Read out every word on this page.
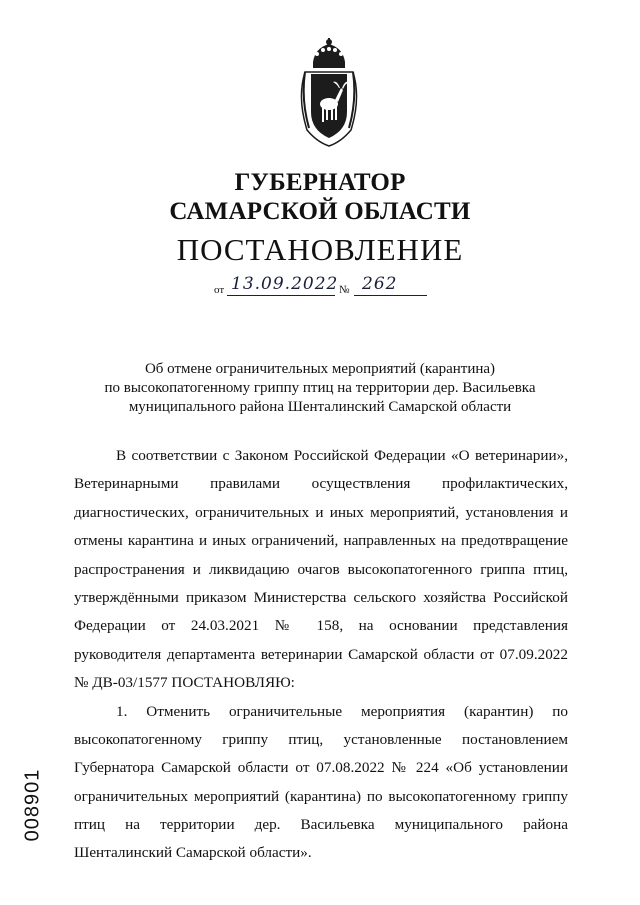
ГУБЕРНАТОР
САМАРСКОЙ ОБЛАСТИ
ПОСТАНОВЛЕНИЕ
от 13.09.2022 № 262
Об отмене ограничительных мероприятий (карантина)
по высокопатогенному гриппу птиц на территории дер. Васильевка
муниципального района Шенталинский Самарской области
В соответствии с Законом Российской Федерации «О ветеринарии»,
Ветеринарными правилами осуществления профилактических,
диагностических, ограничительных и иных мероприятий, установления и
отмены карантина и иных ограничений, направленных на предотвращение
распространения и ликвидацию очагов высокопатогенного гриппа птиц,
утверждёнными приказом Министерства сельского хозяйства Российской
Федерации от 24.03.2021 № 158, на основании представления
руководителя департамента ветеринарии Самарской области от 07.09.2022
№ ДВ-03/1577 ПОСТАНОВЛЯЮ:
1. Отменить ограничительные мероприятия (карантин) по
высокопатогенному гриппу птиц, установленные постановлением
Губернатора Самарской области от 07.08.2022 № 224 «Об установлении
ограничительных мероприятий (карантина) по высокопатогенному гриппу
птиц на территории дер. Васильевка муниципального района
Шенталинский Самарской области».
008901
